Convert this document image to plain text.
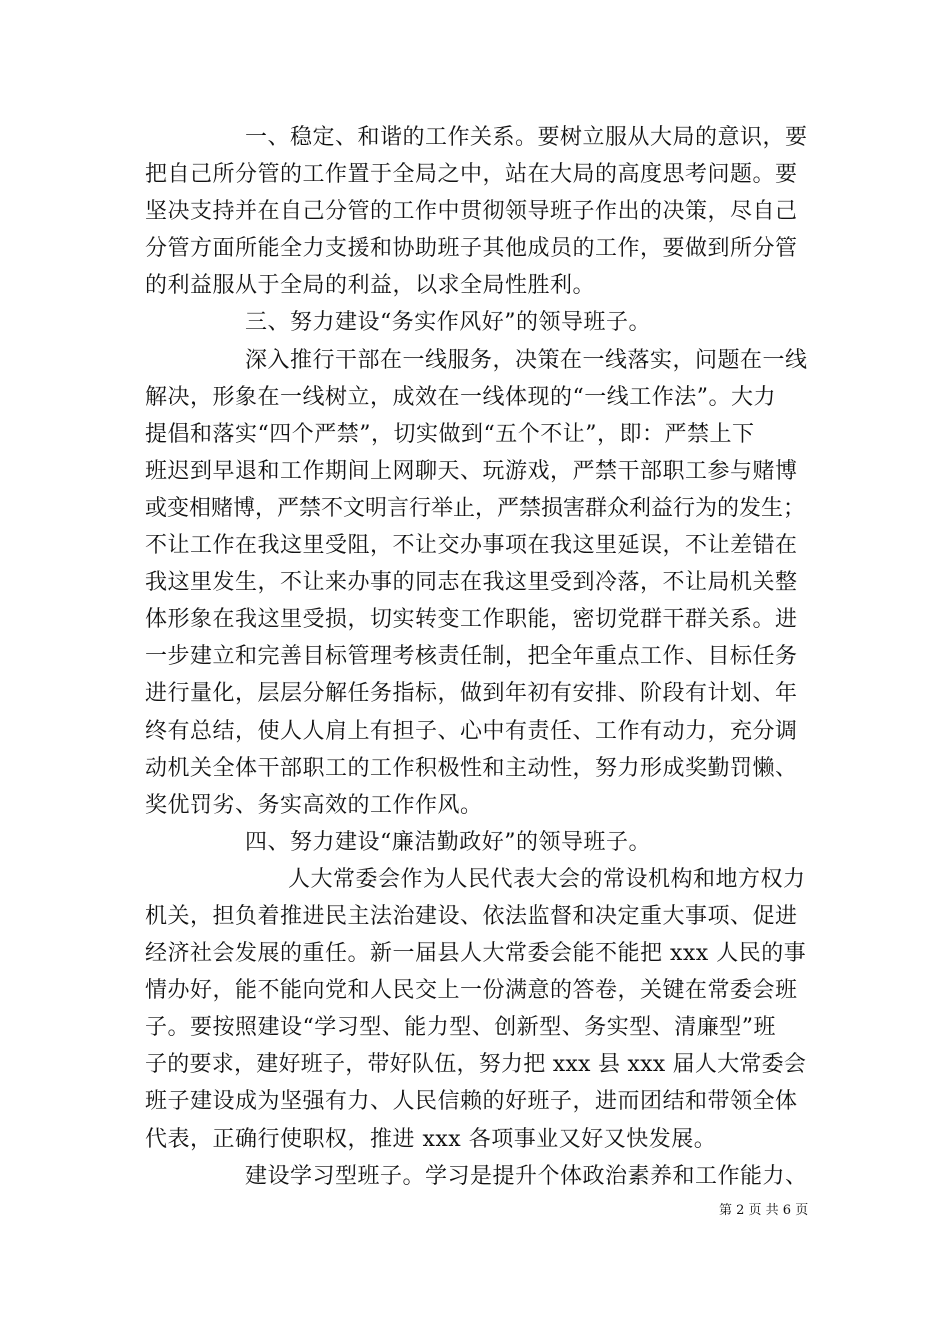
一、稳定、和谐的工作关系。要树立服从大局的意识，要
把自己所分管的工作置于全局之中，站在大局的高度思考问题。要
坚决支持并在自己分管的工作中贯彻领导班子作出的决策，尽自己
分管方面所能全力支援和协助班子其他成员的工作，要做到所分管
的利益服从于全局的利益，以求全局性胜利。
三、努力建设“务实作风好”的领导班子。
深入推行干部在一线服务，决策在一线落实，问题在一线
解决，形象在一线树立，成效在一线体现的“一线工作法”。大力
提倡和落实“四个严禁”，切实做到“五个不让”，即：严禁上下
班迟到早退和工作期间上网聊天、玩游戏，严禁干部职工参与赌博
或变相赌博，严禁不文明言行举止，严禁损害群众利益行为的发生；
不让工作在我这里受阻，不让交办事项在我这里延误，不让差错在
我这里发生，不让来办事的同志在我这里受到冷落，不让局机关整
体形象在我这里受损，切实转变工作职能，密切党群干群关系。进
一步建立和完善目标管理考核责任制，把全年重点工作、目标任务
进行量化，层层分解任务指标，做到年初有安排、阶段有计划、年
终有总结，使人人肩上有担子、心中有责任、工作有动力，充分调
动机关全体干部职工的工作积极性和主动性，努力形成奖勤罚懒、
奖优罚劣、务实高效的工作作风。
四、努力建设“廉洁勤政好”的领导班子。
人大常委会作为人民代表大会的常设机构和地方权力
机关，担负着推进民主法治建设、依法监督和决定重大事项、促进
经济社会发展的重任。新一届县人大常委会能不能把 xxx 人民的事
情办好，能不能向党和人民交上一份满意的答卷，关键在常委会班
子。要按照建设“学习型、能力型、创新型、务实型、清廉型”班
子的要求，建好班子，带好队伍，努力把 xxx 县 xxx 届人大常委会
班子建设成为坚强有力、人民信赖的好班子，进而团结和带领全体
代表，正确行使职权，推进 xxx 各项事业又好又快发展。
建设学习型班子。学习是提升个体政治素养和工作能力、
第 2 页 共 6 页
